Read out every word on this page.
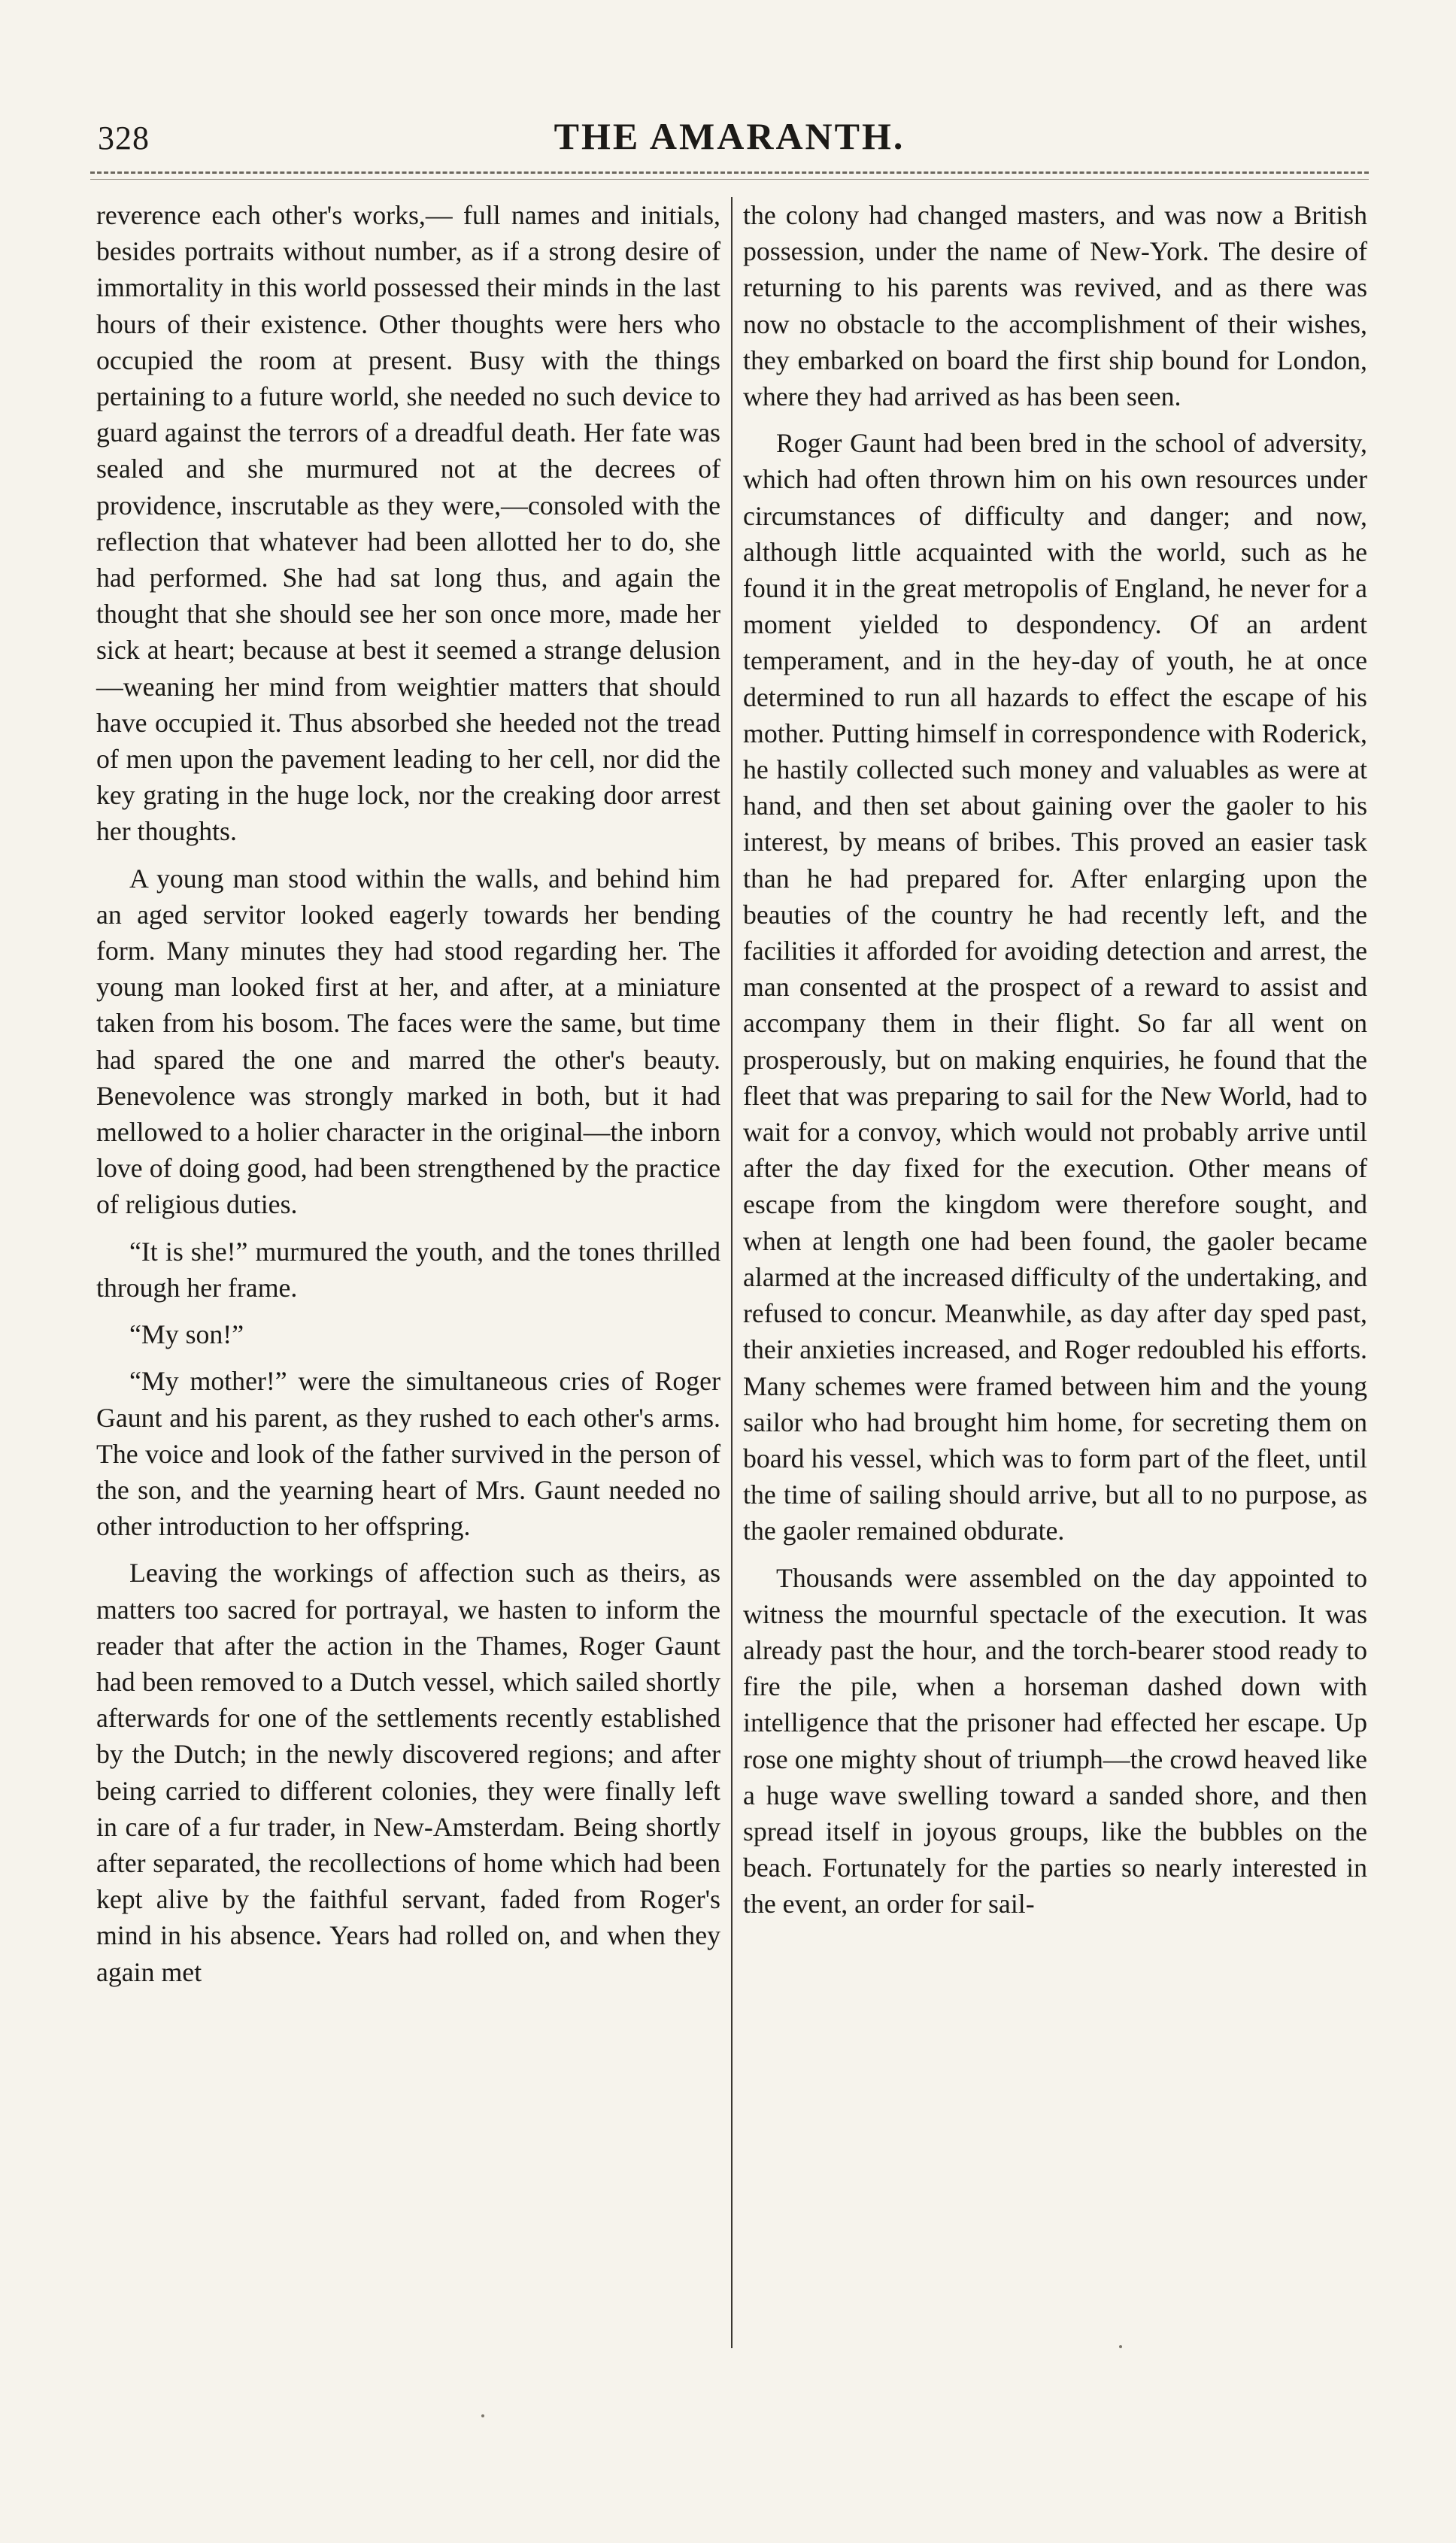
328	THE AMARANTH.

reverence each other's works,— full names and initials, besides portraits without number, as if a strong desire of immortality in this world possessed their minds in the last hours of their existence. Other thoughts were hers who occupied the room at present. Busy with the things pertaining to a future world, she needed no such device to guard against the terrors of a dreadful death. Her fate was sealed and she murmured not at the decrees of providence, inscrutable as they were,—consoled with the reflection that whatever had been allotted her to do, she had performed. She had sat long thus, and again the thought that she should see her son once more, made her sick at heart; because at best it seemed a strange delusion—weaning her mind from weightier matters that should have occupied it. Thus absorbed she heeded not the tread of men upon the pavement leading to her cell, nor did the key grating in the huge lock, nor the creaking door arrest her thoughts.

A young man stood within the walls, and behind him an aged servitor looked eagerly towards her bending form. Many minutes they had stood regarding her. The young man looked first at her, and after, at a miniature taken from his bosom. The faces were the same, but time had spared the one and marred the other's beauty. Benevolence was strongly marked in both, but it had mellowed to a holier character in the original—the inborn love of doing good, had been strengthened by the practice of religious duties.

“It is she!” murmured the youth, and the tones thrilled through her frame.

“My son!”

“My mother!” were the simultaneous cries of Roger Gaunt and his parent, as they rushed to each other's arms. The voice and look of the father survived in the person of the son, and the yearning heart of Mrs. Gaunt needed no other introduction to her offspring.

Leaving the workings of affection such as theirs, as matters too sacred for portrayal, we hasten to inform the reader that after the action in the Thames, Roger Gaunt had been removed to a Dutch vessel, which sailed shortly afterwards for one of the settlements recently established by the Dutch; in the newly discovered regions; and after being carried to different colonies, they were finally left in care of a fur trader, in New-Amsterdam. Being shortly after separated, the recollections of home which had been kept alive by the faithful servant, faded from Roger's mind in his absence. Years had rolled on, and when they again met

the colony had changed masters, and was now a British possession, under the name of New-York. The desire of returning to his parents was revived, and as there was now no obstacle to the accomplishment of their wishes, they embarked on board the first ship bound for London, where they had arrived as has been seen.

Roger Gaunt had been bred in the school of adversity, which had often thrown him on his own resources under circumstances of difficulty and danger; and now, although little acquainted with the world, such as he found it in the great metropolis of England, he never for a moment yielded to despondency. Of an ardent temperament, and in the hey-day of youth, he at once determined to run all hazards to effect the escape of his mother. Putting himself in correspondence with Roderick, he hastily collected such money and valuables as were at hand, and then set about gaining over the gaoler to his interest, by means of bribes. This proved an easier task than he had prepared for. After enlarging upon the beauties of the country he had recently left, and the facilities it afforded for avoiding detection and arrest, the man consented at the prospect of a reward to assist and accompany them in their flight. So far all went on prosperously, but on making enquiries, he found that the fleet that was preparing to sail for the New World, had to wait for a convoy, which would not probably arrive until after the day fixed for the execution. Other means of escape from the kingdom were therefore sought, and when at length one had been found, the gaoler became alarmed at the increased difficulty of the undertaking, and refused to concur. Meanwhile, as day after day sped past, their anxieties increased, and Roger redoubled his efforts. Many schemes were framed between him and the young sailor who had brought him home, for secreting them on board his vessel, which was to form part of the fleet, until the time of sailing should arrive, but all to no purpose, as the gaoler remained obdurate.

Thousands were assembled on the day appointed to witness the mournful spectacle of the execution. It was already past the hour, and the torch-bearer stood ready to fire the pile, when a horseman dashed down with intelligence that the prisoner had effected her escape. Up rose one mighty shout of triumph—the crowd heaved like a huge wave swelling toward a sanded shore, and then spread itself in joyous groups, like the bubbles on the beach. Fortunately for the parties so nearly interested in the event, an order for sail-
